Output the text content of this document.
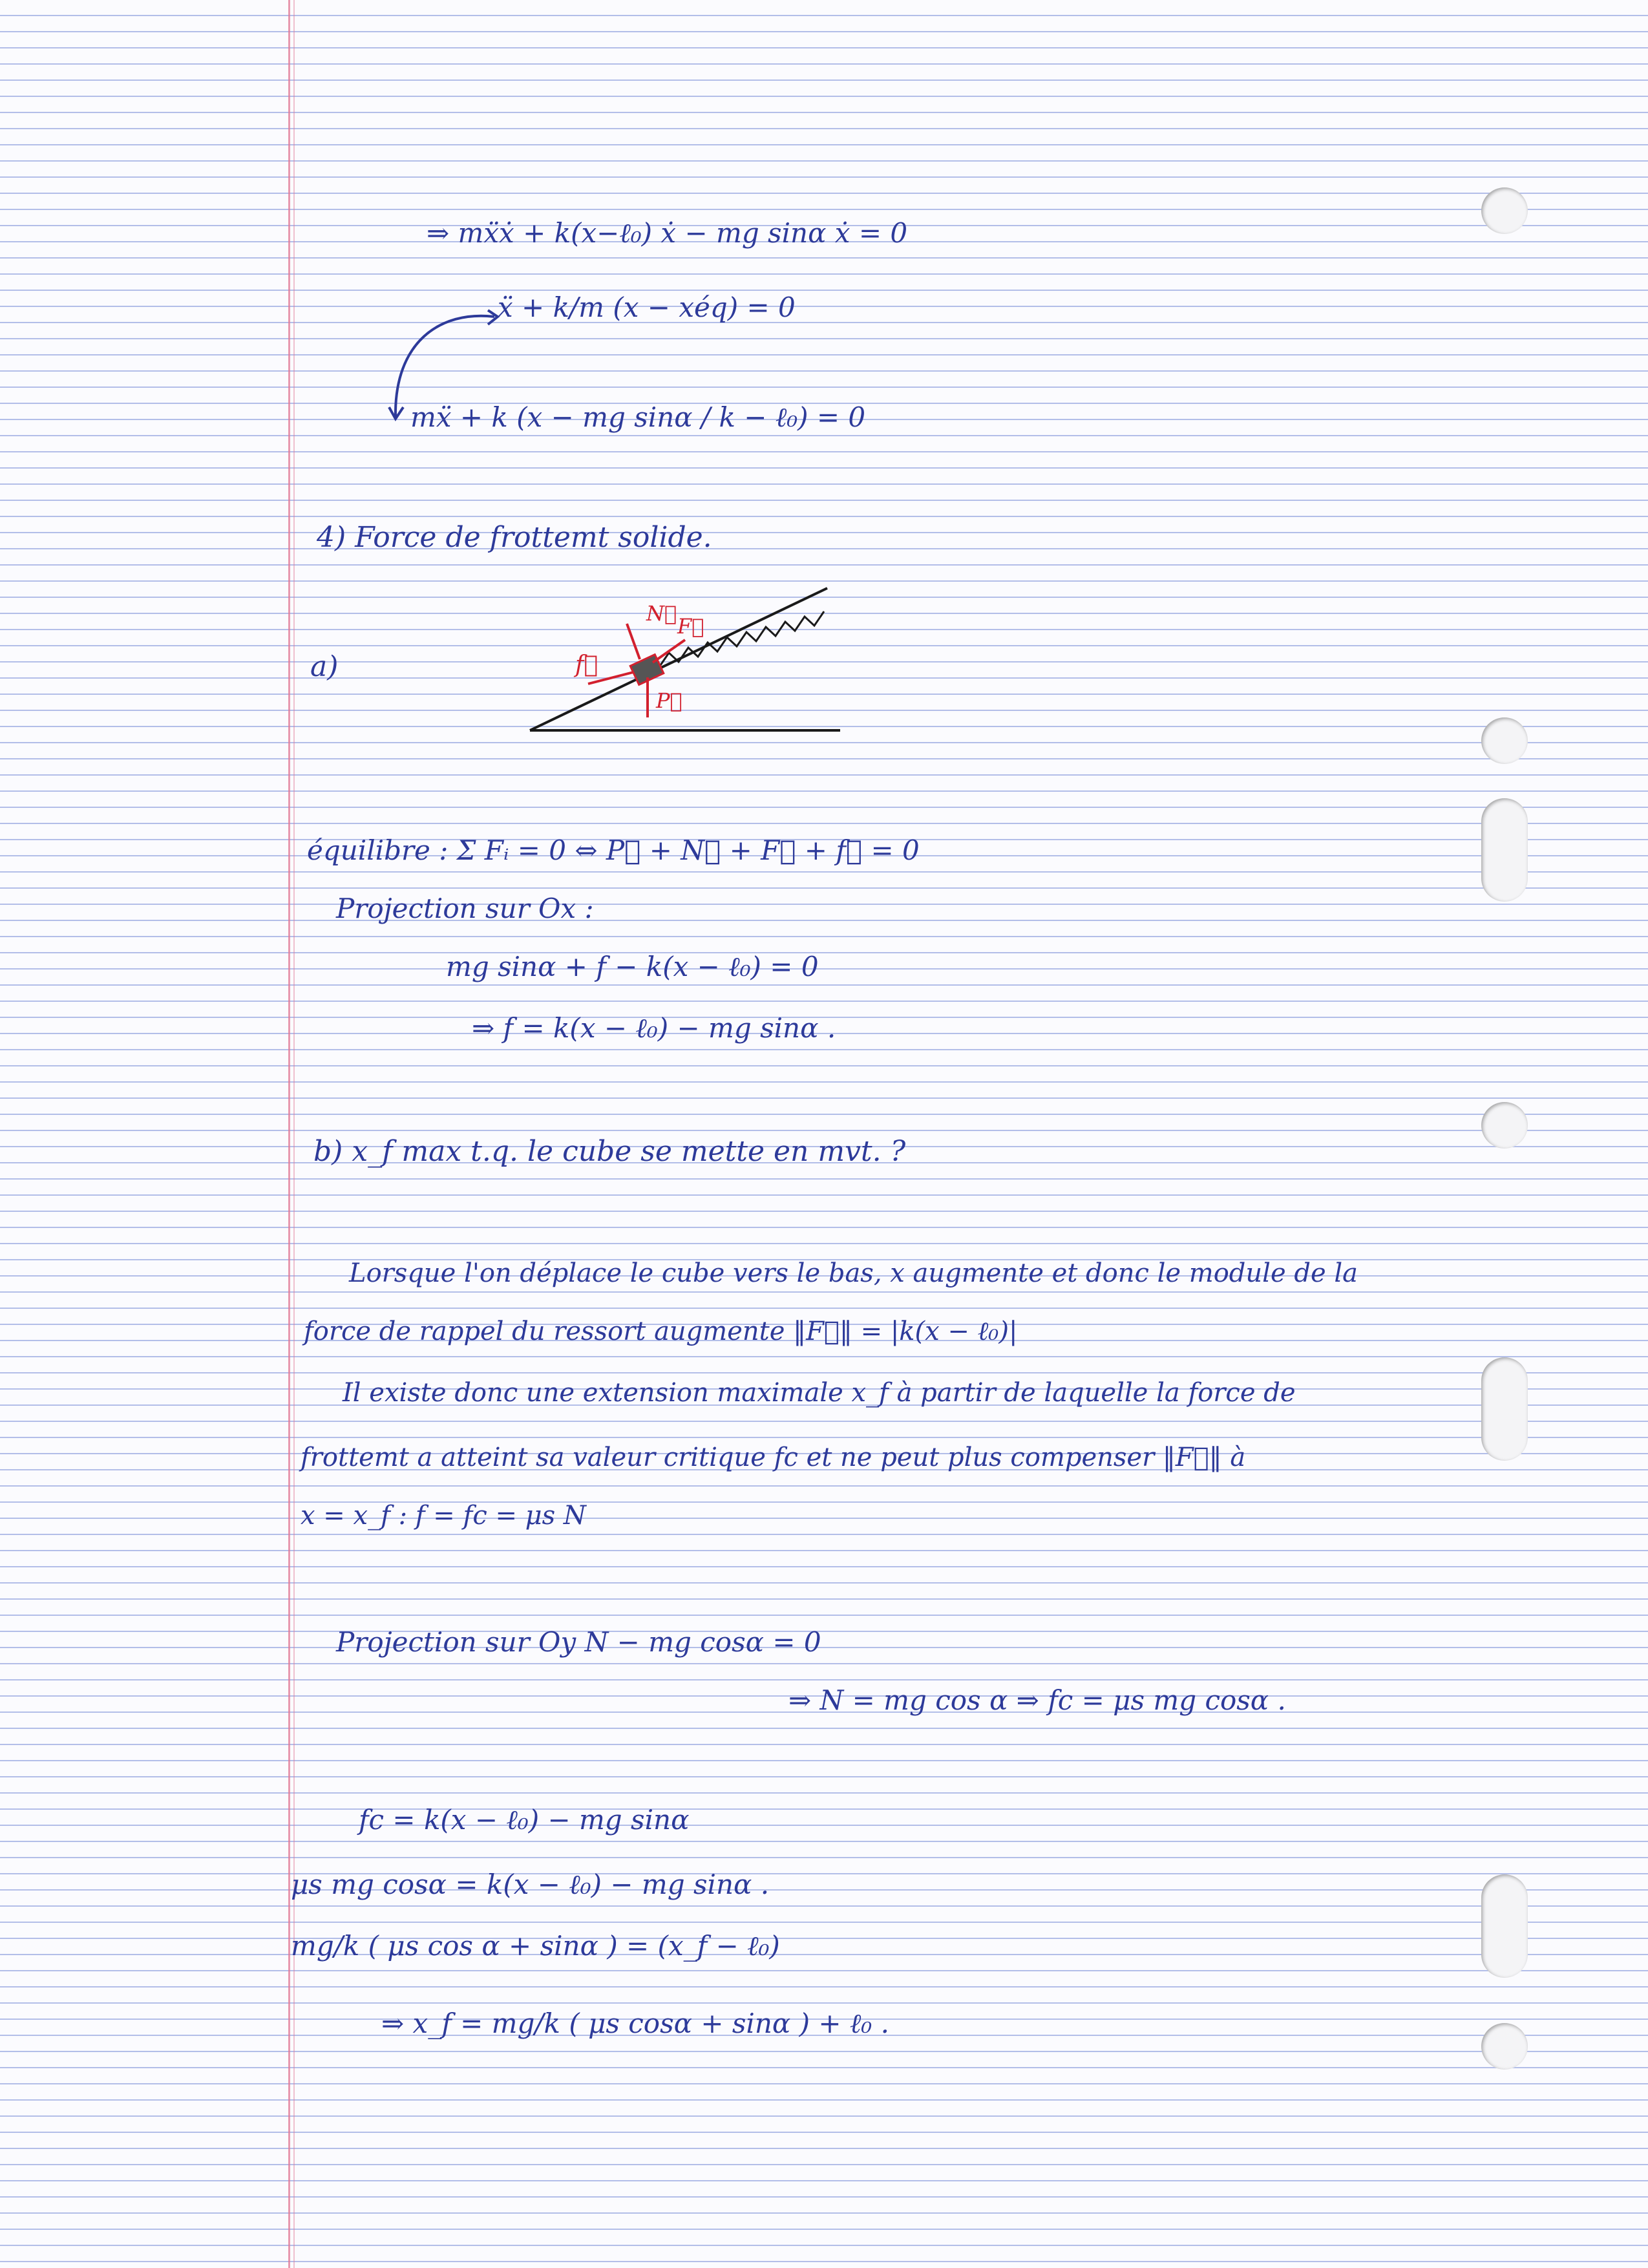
⇒ mẍẋ + k(x−ℓ₀) ẋ − mg sinα ẋ = 0
ẍ + k/m (x − xéq) = 0
mẍ + k (x − mg sinα / k − ℓ₀) = 0
4) Force de frottemt solide.
a)	f⃗
N⃗
F⃗
P⃗
équilibre : Σ Fᵢ = 0 ⇔ P⃗ + N⃗ + F⃗ + f⃗ = 0
Projection sur Ox :
mg sinα + f − k(x − ℓ₀) = 0
⇒ f = k(x − ℓ₀) − mg sinα .
b) x_f max t.q. le cube se mette en mvt. ?
Lorsque l'on déplace le cube vers le bas, x augmente et donc le module de la
force de rappel du ressort augmente ‖F⃗‖ = |k(x − ℓ₀)|
Il existe donc une extension maximale x_f à partir de laquelle la force de
frottemt a atteint sa valeur critique fc et ne peut plus compenser ‖F⃗‖ à
x = x_f : f = fc = μs N
Projection sur Oy N − mg cosα = 0
⇒ N = mg cos α ⇒ fc = μs mg cosα .
fc = k(x − ℓ₀) − mg sinα
μs mg cosα = k(x − ℓ₀) − mg sinα .
mg/k ( μs cos α + sinα ) = (x_f − ℓ₀)
⇒ x_f = mg/k ( μs cosα + sinα ) + ℓ₀ .
